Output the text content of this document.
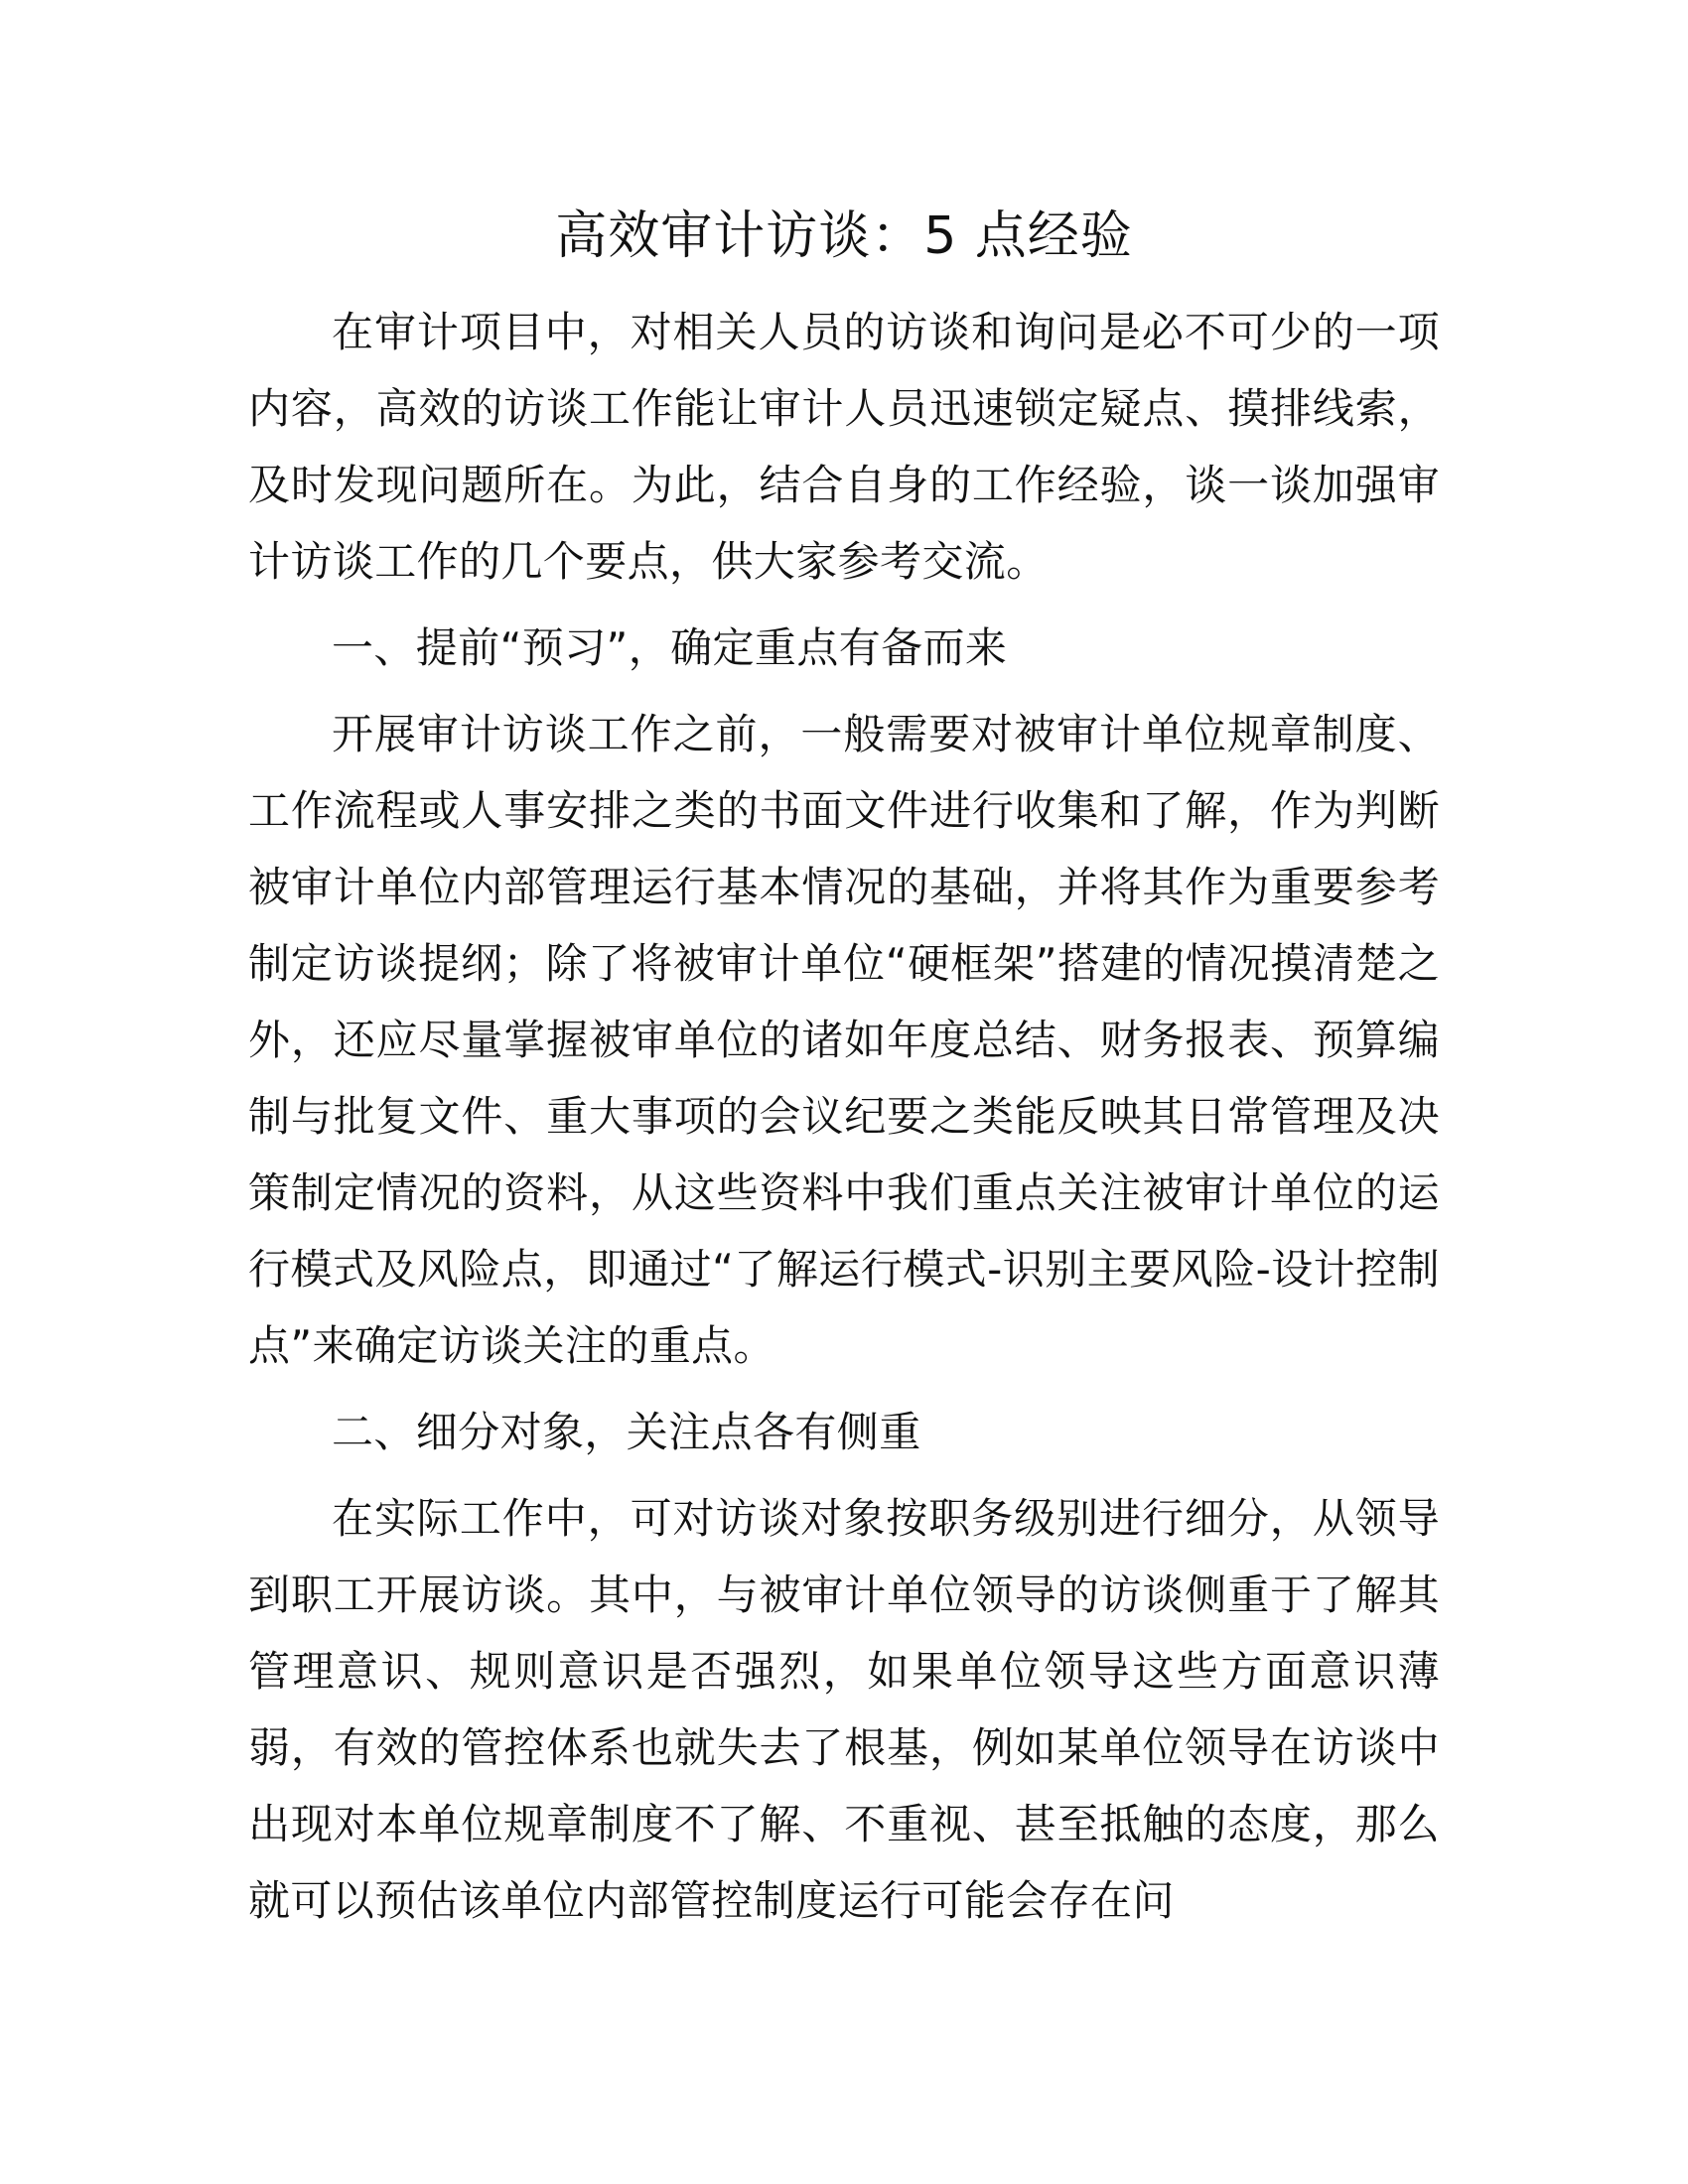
高效审计访谈：5 点经验

在审计项目中，对相关人员的访谈和询问是必不可少的一项内容，高效的访谈工作能让审计人员迅速锁定疑点、摸排线索，及时发现问题所在。为此，结合自身的工作经验，谈一谈加强审计访谈工作的几个要点，供大家参考交流。

一、提前“预习”，确定重点有备而来

开展审计访谈工作之前，一般需要对被审计单位规章制度、工作流程或人事安排之类的书面文件进行收集和了解，作为判断被审计单位内部管理运行基本情况的基础，并将其作为重要参考制定访谈提纲；除了将被审计单位“硬框架”搭建的情况摸清楚之外，还应尽量掌握被审单位的诸如年度总结、财务报表、预算编制与批复文件、重大事项的会议纪要之类能反映其日常管理及决策制定情况的资料，从这些资料中我们重点关注被审计单位的运行模式及风险点，即通过“了解运行模式-识别主要风险-设计控制点”来确定访谈关注的重点。

二、细分对象，关注点各有侧重

在实际工作中，可对访谈对象按职务级别进行细分，从领导到职工开展访谈。其中，与被审计单位领导的访谈侧重于了解其管理意识、规则意识是否强烈，如果单位领导这些方面意识薄弱，有效的管控体系也就失去了根基，例如某单位领导在访谈中出现对本单位规章制度不了解、不重视、甚至抵触的态度，那么就可以预估该单位内部管控制度运行可能会存在问
